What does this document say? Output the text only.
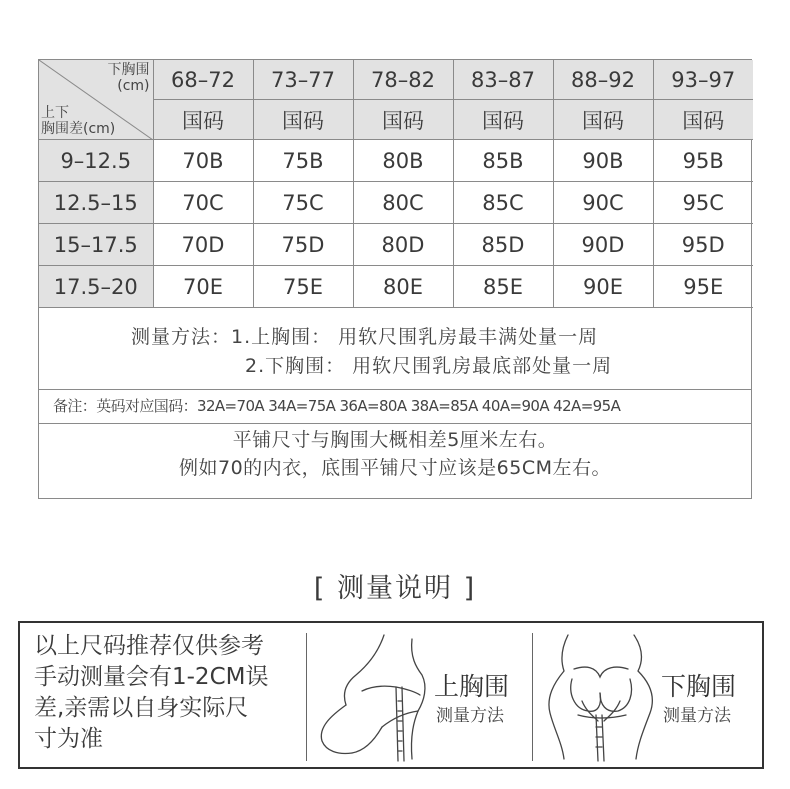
下胸围
(cm)
上下
胸围差(cm)	68–72	73–77	78–82	83–87	88–92	93–97
	国码	国码	国码	国码	国码	国码
9–12.5	70B	75B	80B	85B	90B	95B
12.5–15	70C	75C	80C	85C	90C	95C
15–17.5	70D	75D	80D	85D	90D	95D
17.5–20	70E	75E	80E	85E	90E	95E
测量方法：1.上胸围： 用软尺围乳房最丰满处量一周
2.下胸围： 用软尺围乳房最底部处量一周
备注：英码对应国码：32A=70A 34A=75A 36A=80A 38A=85A 40A=90A 42A=95A
平铺尺寸与胸围大概相差5厘米左右。
例如70的内衣，底围平铺尺寸应该是65CM左右。
[ 测量说明 ]
以上尺码推荐仅供参考
手动测量会有1-2CM误
差,亲需以自身实际尺
寸为准
上胸围
测量方法
下胸围
测量方法
